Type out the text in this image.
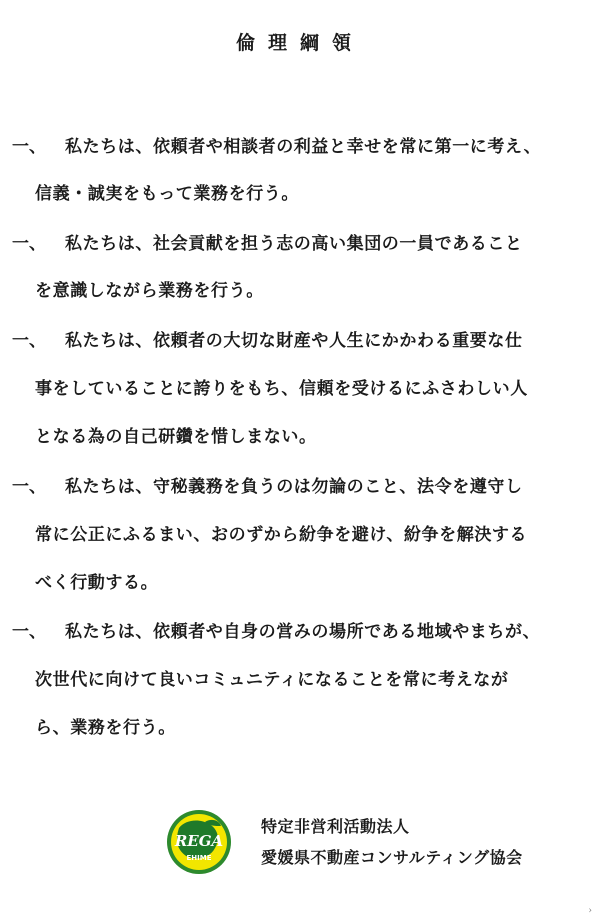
倫理綱領
一、 私たちは、依頼者や相談者の利益と幸せを常に第一に考え、
信義・誠実をもって業務を行う。
一、 私たちは、社会貢献を担う志の高い集団の一員であること
を意識しながら業務を行う。
一、 私たちは、依頼者の大切な財産や人生にかかわる重要な仕
事をしていることに誇りをもち、信頼を受けるにふさわしい人
となる為の自己研鑽を惜しまない。
一、 私たちは、守秘義務を負うのは勿論のこと、法令を遵守し
常に公正にふるまい、おのずから紛争を避け、紛争を解決する
べく行動する。
一、 私たちは、依頼者や自身の営みの場所である地域やまちが、
次世代に向けて良いコミュニティになることを常に考えなが
ら、業務を行う。
REGA
EHIME
特定非営利活動法人
愛媛県不動産コンサルティング協会
›
